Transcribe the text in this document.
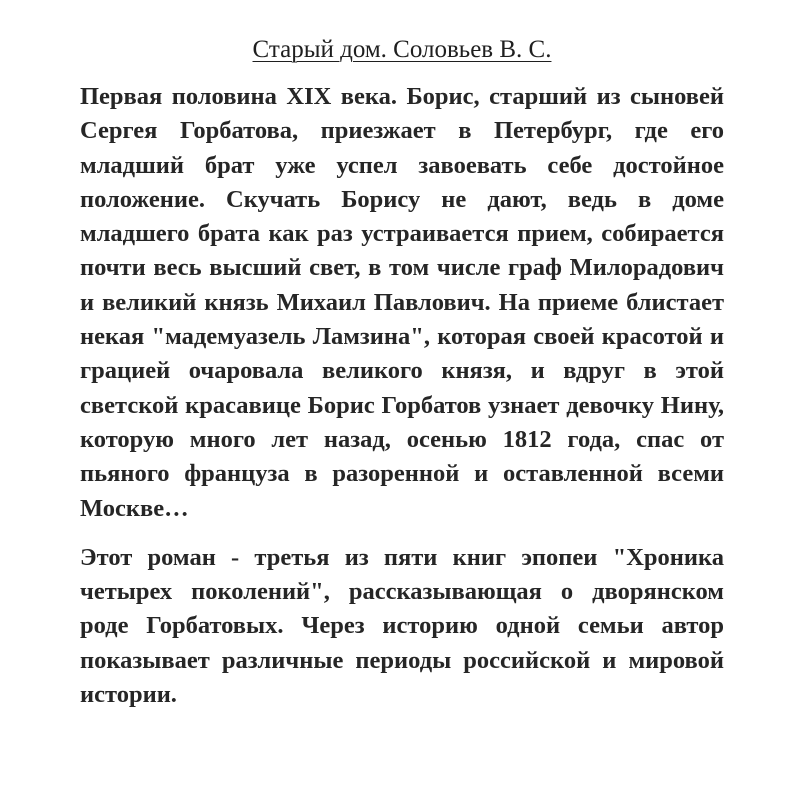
Старый дом. Соловьев В. С.

Первая половина XIX века. Борис, старший из сыновей Сергея Горбатова, приезжает в Петербург, где его младший брат уже успел завоевать себе достойное положение. Скучать Борису не дают, ведь в доме младшего брата как раз устраивается прием, собирается почти весь высший свет, в том числе граф Милорадович и великий князь Михаил Павлович. На приеме блистает некая "мадемуазель Ламзина", которая своей красотой и грацией очаровала великого князя, и вдруг в этой светской красавице Борис Горбатов узнает девочку Нину, которую много лет назад, осенью 1812 года, спас от пьяного француза в разоренной и оставленной всеми Москве…

Этот роман - третья из пяти книг эпопеи "Хроника четырех поколений", рассказывающая о дворянском роде Горбатовых. Через историю одной семьи автор показывает различные периоды российской и мировой истории.
